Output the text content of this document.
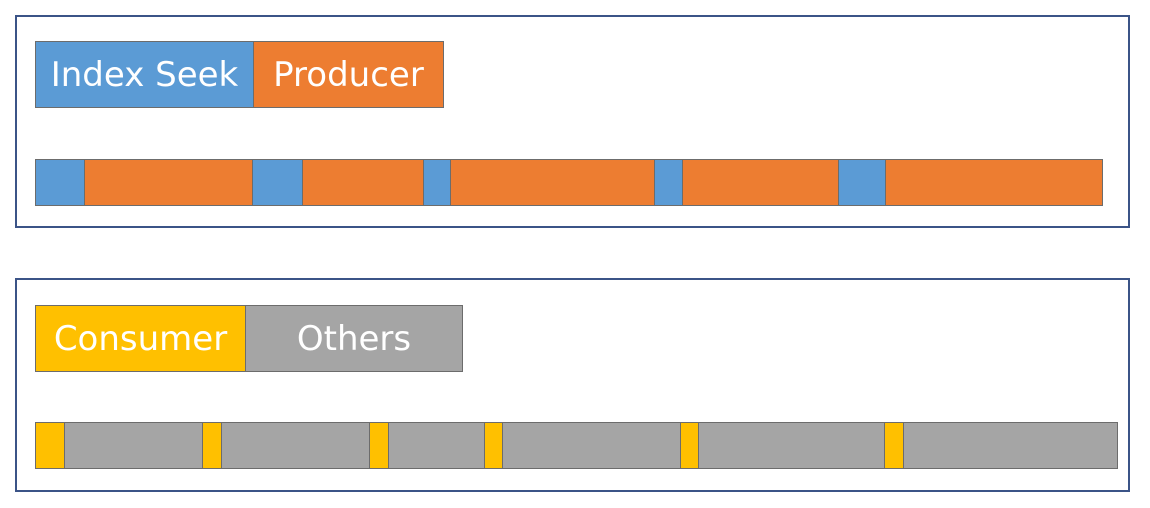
Index Seek Producer
Consumer Others
